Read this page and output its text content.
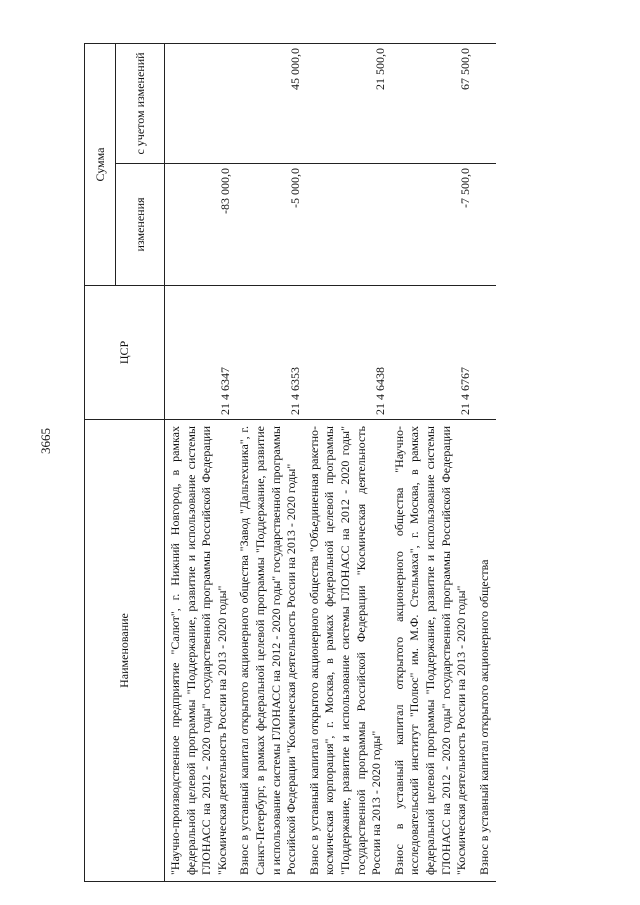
3665
Наименование	ЦСР	Сумма	
		изменения	с учетом изменений
"Научно-производственное предприятие "Салют", г. Нижний Новгород, в рамках федеральной целевой программы "Поддержание, развитие и использование системы ГЛОНАСС на 2012 - 2020 годы" государственной программы Российской Федерации "Космическая деятельность России на 2013 - 2020 годы"	21 4 6347	-83 000,0	
Взнос в уставный капитал открытого акционерного общества "Завод "Дальтехника", г. Санкт-Петербург, в рамках федеральной целевой программы "Поддержание, развитие и использование системы ГЛОНАСС на 2012 - 2020 годы" государственной программы Российской Федерации "Космическая деятельность России на 2013 - 2020 годы"	21 4 6353	-5 000,0	45 000,0
Взнос в уставный капитал открытого акционерного общества "Объединенная ракетно-космическая корпорация", г. Москва, в рамках федеральной целевой программы "Поддержание, развитие и использование системы ГЛОНАСС на 2012 - 2020 годы" государственной программы Российской Федерации "Космическая деятельность России на 2013 - 2020 годы"	21 4 6438		21 500,0
Взнос в уставный капитал открытого акционерного общества "Научно-исследовательский институт "Полюс" им. М.Ф. Стельмаха", г. Москва, в рамках федеральной целевой программы "Поддержание, развитие и использование системы ГЛОНАСС на 2012 - 2020 годы" государственной программы Российской Федерации "Космическая деятельность России на 2013 - 2020 годы"	21 4 6767	-7 500,0	67 500,0
Взнос в уставный капитал открытого акционерного общества			
